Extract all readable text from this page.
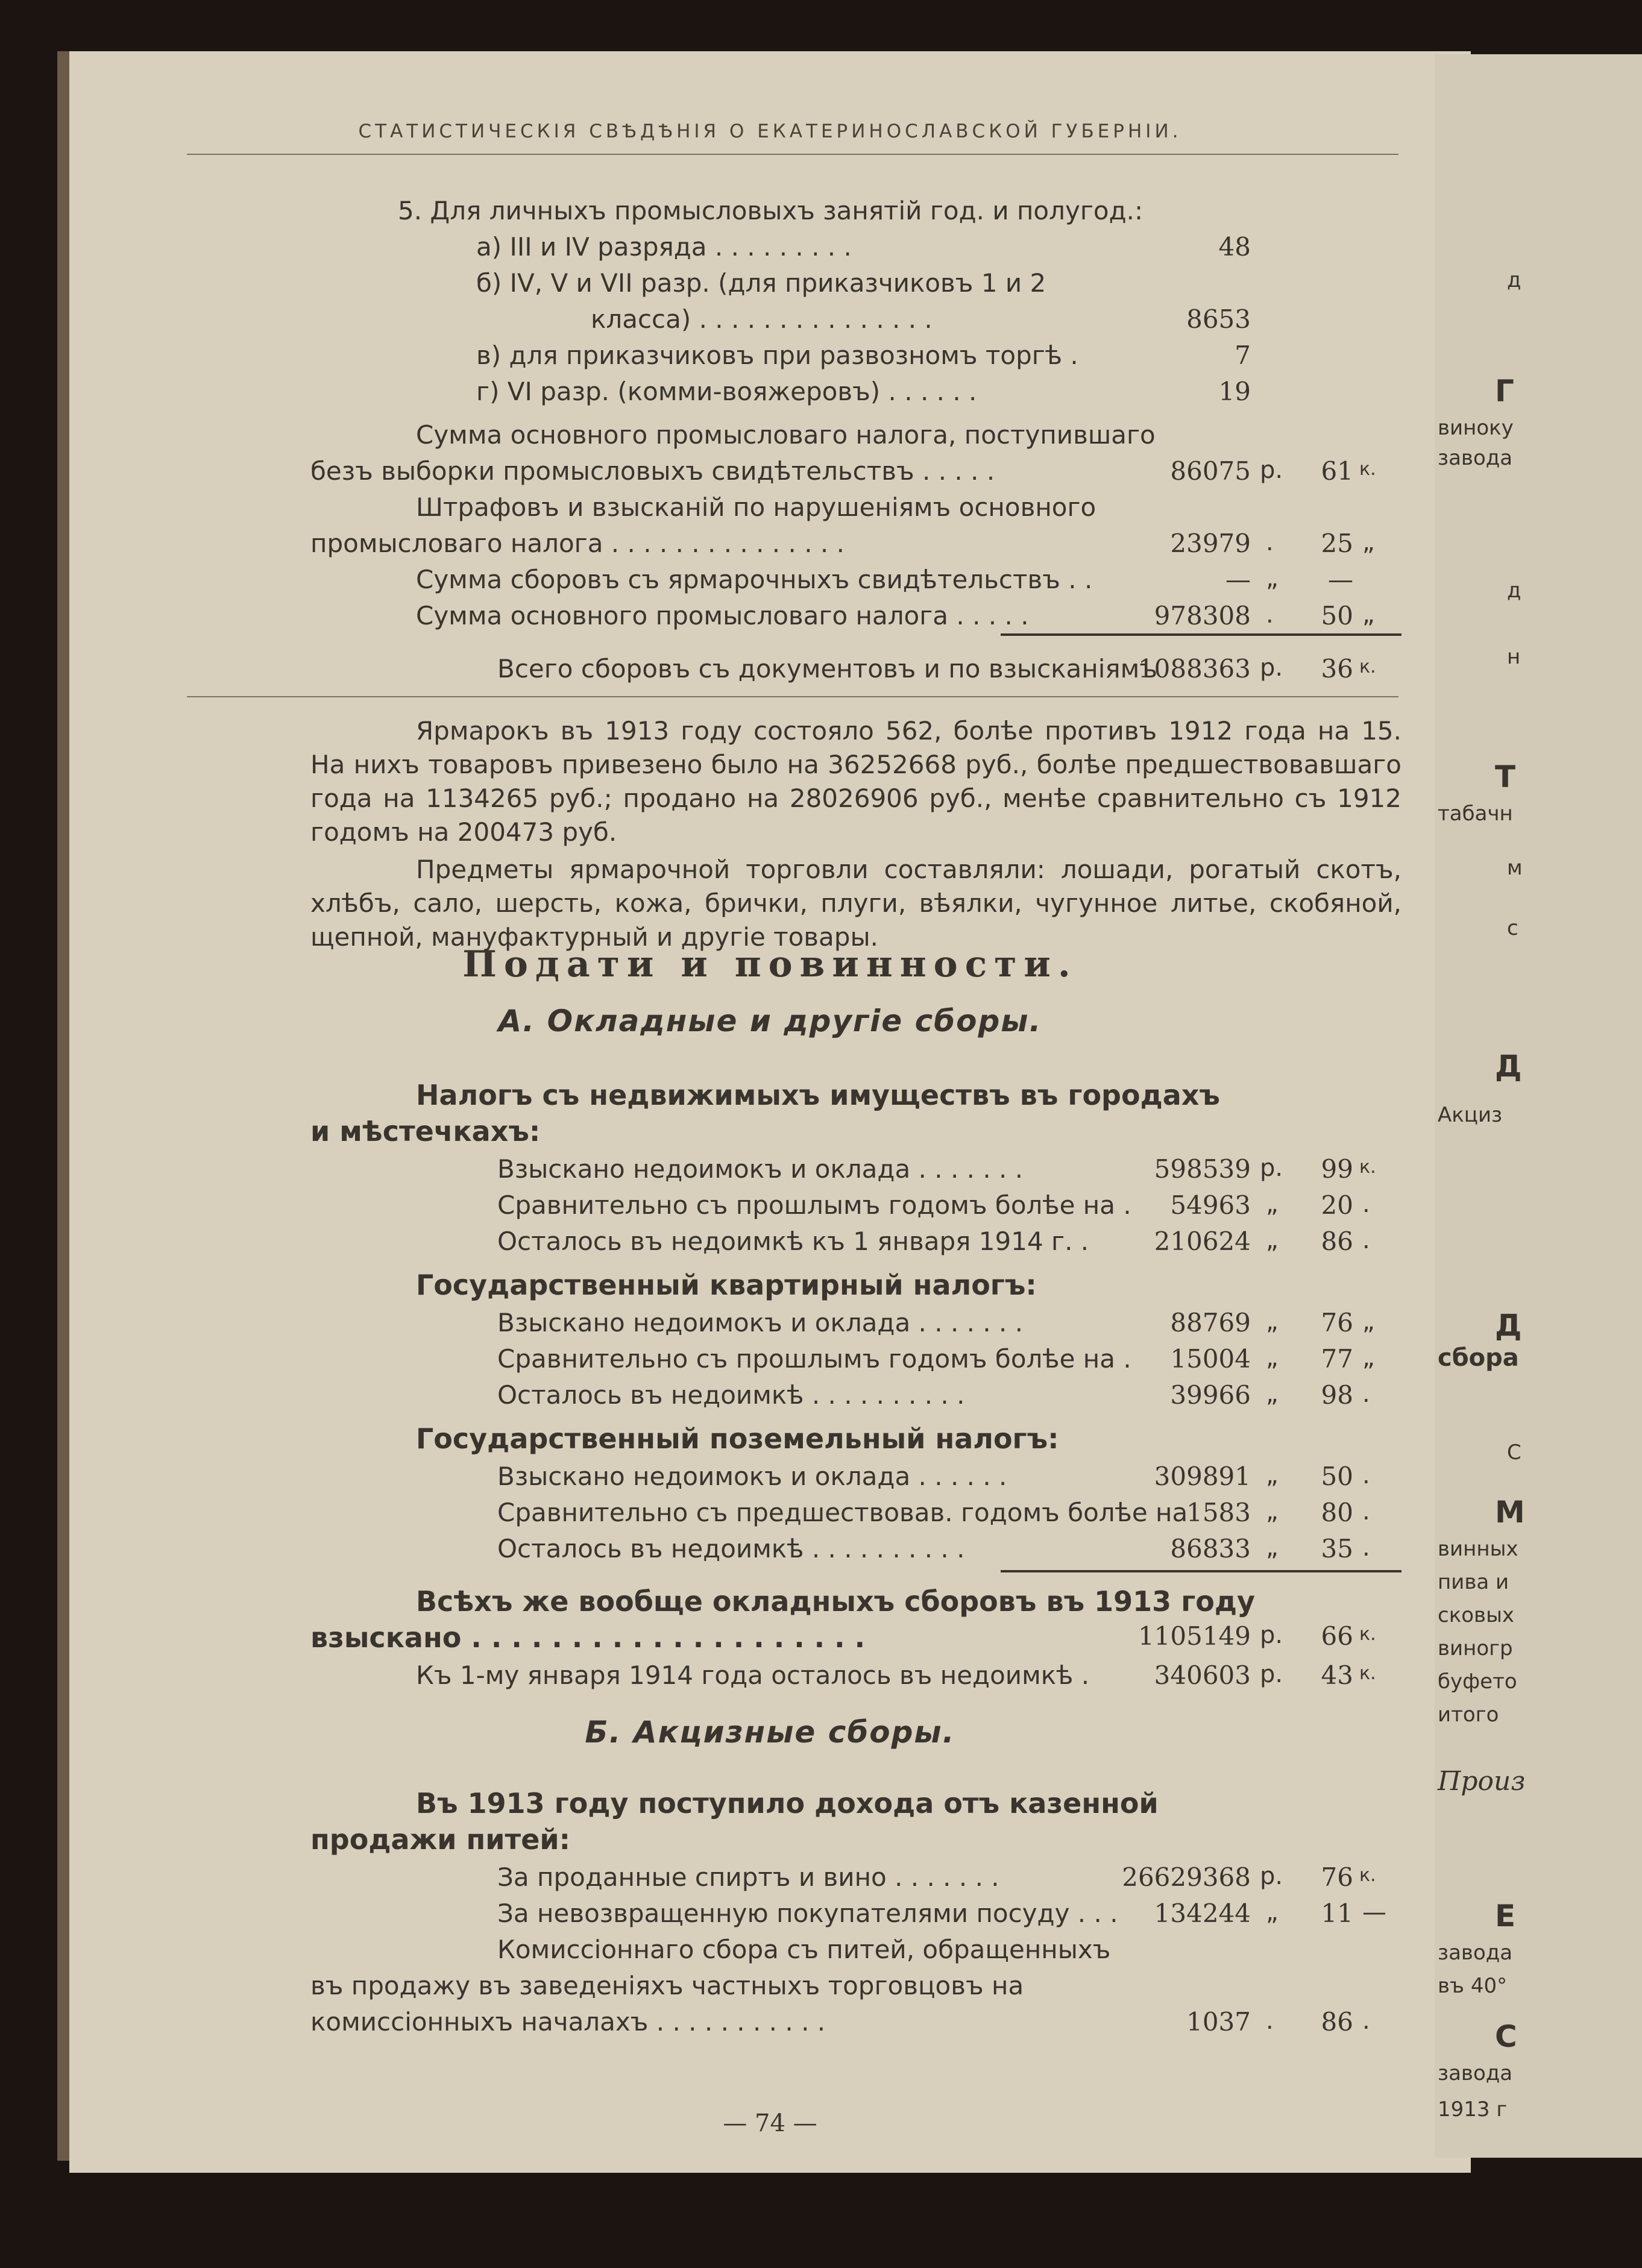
СТАТИСТИЧЕСКІЯ СВѢДѢНІЯ О ЕКАТЕРИНОСЛАВСКОЙ ГУБЕРНІИ.
5. Для личныхъ промысловыхъ занятій год. и полугод.:
а) III и IV разряда . . . . . . . . .	48
б) IV, V и VII разр. (для приказчиковъ 1 и 2
класса) . . . . . . . . . . . . . . .	8653
в) для приказчиковъ при развозномъ торгѣ .	7
г) VI разр. (комми-вояжеровъ) . . . . . .	19
Сумма основного промысловаго налога, поступившаго
безъ выборки промысловыхъ свидѣтельствъ . . . . .	86075 р.	61 к.
Штрафовъ и взысканій по нарушеніямъ основного
промысловаго налога . . . . . . . . . . . . . . .	23979 .	25 „
Сумма сборовъ съ ярмарочныхъ свидѣтельствъ . .	— „	—
Сумма основного промысловаго налога . . . . .	978308 .	50 „
Всего сборовъ съ документовъ и по взысканіямъ
1088363 р.	36 к.
Ярмарокъ въ 1913 году состояло 562, болѣе противъ 1912 года на 15. На нихъ товаровъ привезено было на 36252668 руб., болѣе предшествовавшаго года на 1134265 руб.; продано на 28026906 руб., менѣе сравнительно съ 1912 годомъ на 200473 руб.
Предметы ярмарочной торговли составляли: лошади, рогатый скотъ, хлѣбъ, сало, шерсть, кожа, брички, плуги, вѣялки, чугунное литье, скобяной, щепной, мануфактурный и другіе товары.
Подати и повинности.
А. Окладные и другіе сборы.
Налогъ съ недвижимыхъ имуществъ въ городахъ
и мѣстечкахъ:
Взыскано недоимокъ и оклада . . . . . . .	598539 р.	99 к.
Сравнительно съ прошлымъ годомъ болѣе на .	54963 „	20 .
Осталось въ недоимкѣ къ 1 января 1914 г. .	210624 „	86 .
Государственный квартирный налогъ:
Взыскано недоимокъ и оклада . . . . . . .	88769 „	76 „
Сравнительно съ прошлымъ годомъ болѣе на .	15004 „	77 „
Осталось въ недоимкѣ . . . . . . . . . .	39966 „	98 .
Государственный поземельный налогъ:
Взыскано недоимокъ и оклада . . . . . .	309891 „	50 .
Сравнительно съ предшествовав. годомъ болѣе на
1583 „	80 .
Осталось въ недоимкѣ . . . . . . . . . .	86833 „	35 .
Всѣхъ же вообще окладныхъ сборовъ въ 1913 году
взыскано . . . . . . . . . . . . . . . . . . . .	1105149 р.	66 к.
Къ 1-му января 1914 года осталось въ недоимкѣ .	340603 р.	43 к.
Б. Акцизные сборы.
Въ 1913 году поступило дохода отъ казенной
продажи питей:
За проданные спиртъ и вино . . . . . . .	26629368 р.	76 к.
За невозвращенную покупателями посуду . . .	134244 „	11 —
Комиссіоннаго сбора съ питей, обращенныхъ
въ продажу въ заведеніяхъ частныхъ торговцовъ на
комиссіонныхъ началахъ . . . . . . . . . . .	1037 .	86 .
— 74 —
д
Г
виноку
завода
д
н
Т
табачн
м
с
Д
Акциз
Д
сбора
С
М
винных
пива и
сковых
виногр
буфето
итого
Произ
Е
завода
въ 40°
С
завода
1913 г
